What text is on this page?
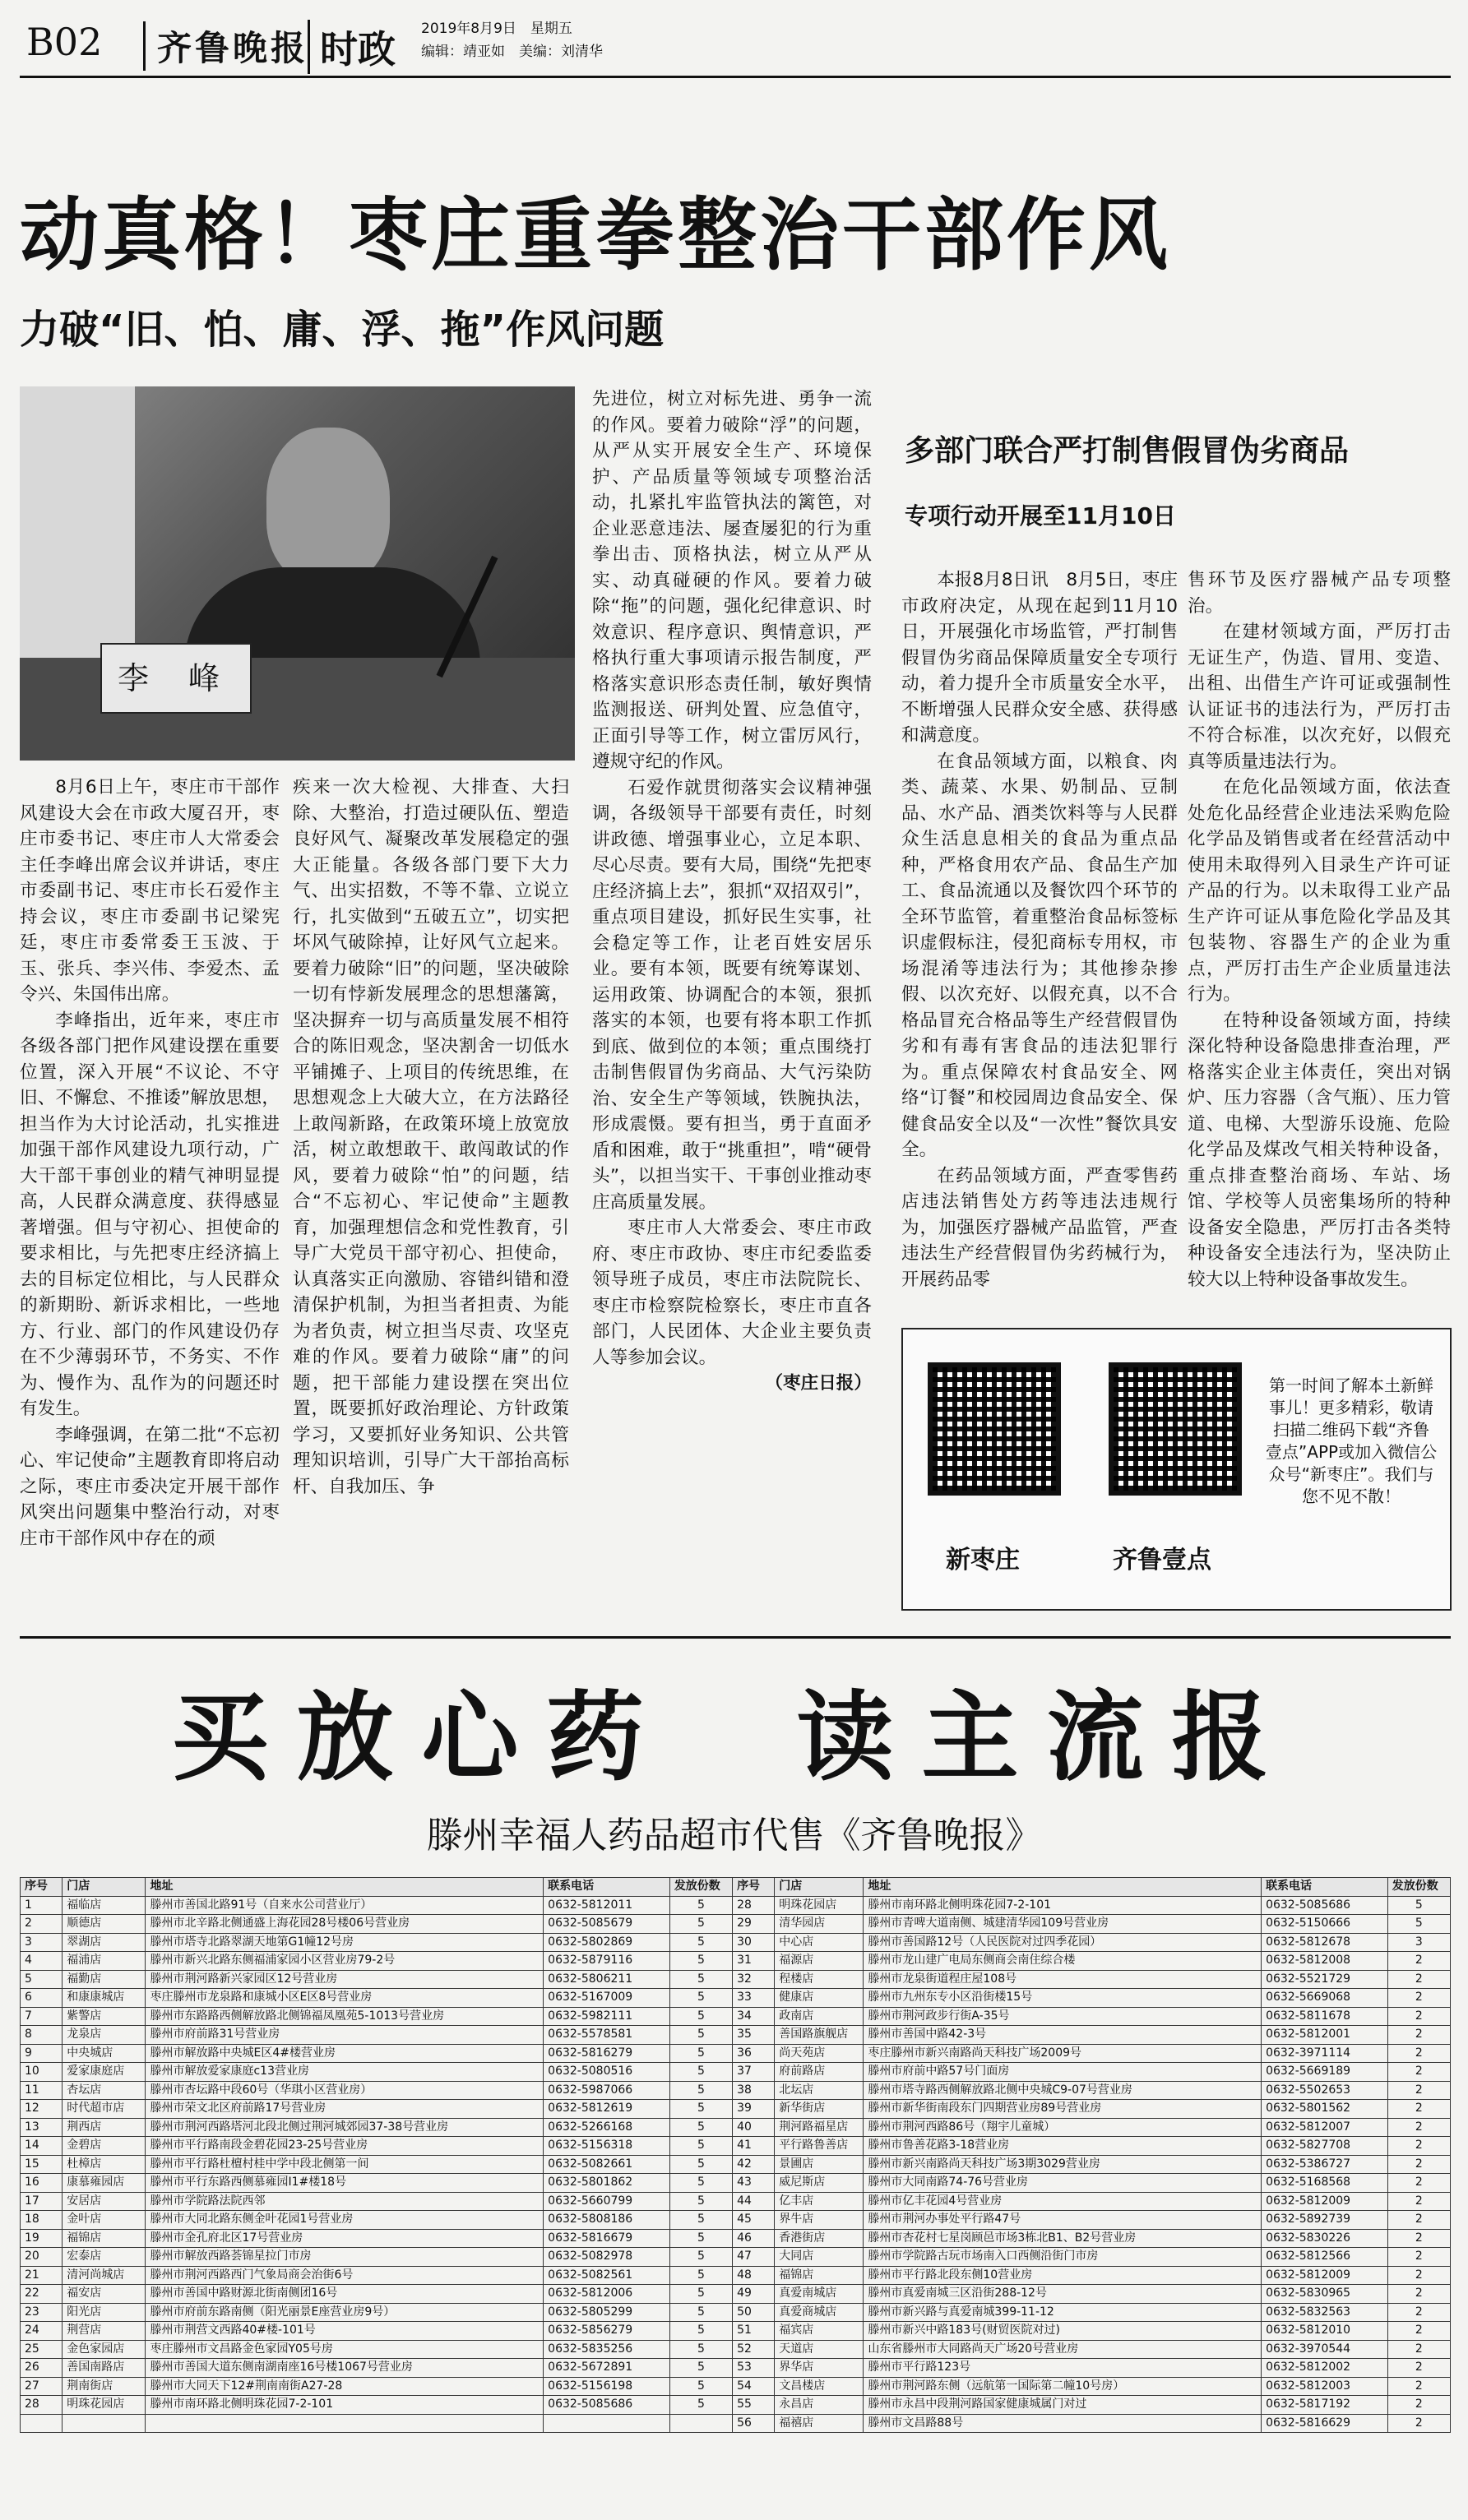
B02	齐鲁晚报 时政 2019年8月9日　星期五
编辑：靖亚如　美编：刘清华
动真格！枣庄重拳整治干部作风
力破“旧、怕、庸、浮、拖”作风问题
李 峰

8月6日上午，枣庄市干部作风建设大会在市政大厦召开，枣庄市委书记、枣庄市人大常委会主任李峰出席会议并讲话，枣庄市委副书记、枣庄市长石爱作主持会议，枣庄市委副书记梁宪廷，枣庄市委常委王玉波、于玉、张兵、李兴伟、李爱杰、孟令兴、朱国伟出席。

李峰指出，近年来，枣庄市各级各部门把作风建设摆在重要位置，深入开展“不议论、不守旧、不懈怠、不推诿”解放思想，担当作为大讨论活动，扎实推进加强干部作风建设九项行动，广大干部干事创业的精气神明显提高，人民群众满意度、获得感显著增强。但与守初心、担使命的要求相比，与先把枣庄经济搞上去的目标定位相比，与人民群众的新期盼、新诉求相比，一些地方、行业、部门的作风建设仍存在不少薄弱环节，不务实、不作为、慢作为、乱作为的问题还时有发生。

李峰强调，在第二批“不忘初心、牢记使命”主题教育即将启动之际，枣庄市委决定开展干部作风突出问题集中整治行动，对枣庄市干部作风中存在的顽

疾来一次大检视、大排查、大扫除、大整治，打造过硬队伍、塑造良好风气、凝聚改革发展稳定的强大正能量。各级各部门要下大力气、出实招数，不等不靠、立说立行，扎实做到“五破五立”，切实把坏风气破除掉，让好风气立起来。要着力破除“旧”的问题，坚决破除一切有悖新发展理念的思想藩篱，坚决摒弃一切与高质量发展不相符合的陈旧观念，坚决割舍一切低水平铺摊子、上项目的传统思维，在思想观念上大破大立，在方法路径上敢闯新路，在政策环境上放宽放活，树立敢想敢干、敢闯敢试的作风，要着力破除“怕”的问题，结合“不忘初心、牢记使命”主题教育，加强理想信念和党性教育，引导广大党员干部守初心、担使命，认真落实正向激励、容错纠错和澄清保护机制，为担当者担责、为能为者负责，树立担当尽责、攻坚克难的作风。要着力破除“庸”的问题，把干部能力建设摆在突出位置，既要抓好政治理论、方针政策学习，又要抓好业务知识、公共管理知识培训，引导广大干部抬高标杆、自我加压、争

先进位，树立对标先进、勇争一流的作风。要着力破除“浮”的问题，从严从实开展安全生产、环境保护、产品质量等领域专项整治活动，扎紧扎牢监管执法的篱笆，对企业恶意违法、屡查屡犯的行为重拳出击、顶格执法，树立从严从实、动真碰硬的作风。要着力破除“拖”的问题，强化纪律意识、时效意识、程序意识、舆情意识，严格执行重大事项请示报告制度，严格落实意识形态责任制，敏好舆情监测报送、研判处置、应急值守，正面引导等工作，树立雷厉风行，遵规守纪的作风。

石爱作就贯彻落实会议精神强调，各级领导干部要有责任，时刻讲政德、增强事业心，立足本职、尽心尽责。要有大局，围绕“先把枣庄经济搞上去”，狠抓“双招双引”，重点项目建设，抓好民生实事，社会稳定等工作，让老百姓安居乐业。要有本领，既要有统筹谋划、运用政策、协调配合的本领，狠抓落实的本领，也要有将本职工作抓到底、做到位的本领；重点围绕打击制售假冒伪劣商品、大气污染防治、安全生产等领域，铁腕执法，形成震慑。要有担当，勇于直面矛盾和困难，敢于“挑重担”，啃“硬骨头”，以担当实干、干事创业推动枣庄高质量发展。

枣庄市人大常委会、枣庄市政府、枣庄市政协、枣庄市纪委监委领导班子成员，枣庄市法院院长、枣庄市检察院检察长，枣庄市直各部门，人民团体、大企业主要负责人等参加会议。

（枣庄日报）

多部门联合严打制售假冒伪劣商品
专项行动开展至11月10日

本报8月8日讯　8月5日，枣庄市政府决定，从现在起到11月10日，开展强化市场监管，严打制售假冒伪劣商品保障质量安全专项行动，着力提升全市质量安全水平，不断增强人民群众安全感、获得感和满意度。

在食品领域方面，以粮食、肉类、蔬菜、水果、奶制品、豆制品、水产品、酒类饮料等与人民群众生活息息相关的食品为重点品种，严格食用农产品、食品生产加工、食品流通以及餐饮四个环节的全环节监管，着重整治食品标签标识虚假标注，侵犯商标专用权，市场混淆等违法行为；其他掺杂掺假、以次充好、以假充真，以不合格品冒充合格品等生产经营假冒伪劣和有毒有害食品的违法犯罪行为。重点保障农村食品安全、网络“订餐”和校园周边食品安全、保健食品安全以及“一次性”餐饮具安全。

在药品领域方面，严查零售药店违法销售处方药等违法违规行为，加强医疗器械产品监管，严查违法生产经营假冒伪劣药械行为，开展药品零

售环节及医疗器械产品专项整治。

在建材领域方面，严厉打击无证生产，伪造、冒用、变造、出租、出借生产许可证或强制性认证证书的违法行为，严厉打击不符合标准，以次充好，以假充真等质量违法行为。

在危化品领域方面，依法查处危化品经营企业违法采购危险化学品及销售或者在经营活动中使用未取得列入目录生产许可证产品的行为。以未取得工业产品生产许可证从事危险化学品及其包装物、容器生产的企业为重点，严厉打击生产企业质量违法行为。

在特种设备领域方面，持续深化特种设备隐患排查治理，严格落实企业主体责任，突出对锅炉、压力容器（含气瓶）、压力管道、电梯、大型游乐设施、危险化学品及煤改气相关特种设备，重点排查整治商场、车站、场馆、学校等人员密集场所的特种设备安全隐患，严厉打击各类特种设备安全违法行为，坚决防止较大以上特种设备事故发生。

新枣庄	齐鲁壹点
第一时间了解本土新鲜事儿！更多精彩，敬请扫描二维码下载“齐鲁壹点”APP或加入微信公众号“新枣庄”。我们与您不见不散！
买放心药　读主流报
滕州幸福人药品超市代售《齐鲁晚报》
序号	门店	地址	联系电话	发放份数	序号	门店	地址	联系电话	发放份数
1	福临店	滕州市善国北路91号（自来水公司营业厅）	0632-5812011	5	28	明珠花园店	滕州市南环路北侧明珠花园7-2-101	0632-5085686	5
2	顺德店	滕州市北辛路北侧通盛上海花园28号楼06号营业房	0632-5085679	5	29	清华园店	滕州市青啤大道南侧、城建清华园109号营业房	0632-5150666	5
3	翠湖店	滕州市塔寺北路翠湖天地第G1幢12号房	0632-5802869	5	30	中心店	滕州市善国路12号（人民医院对过四季花园）	0632-5812678	3
4	福浦店	滕州市新兴北路东侧福浦家园小区营业房79-2号	0632-5879116	5	31	福源店	滕州市龙山建广电局东侧商会南住综合楼	0632-5812008	2
5	福勤店	滕州市荆河路新兴家园区12号营业房	0632-5806211	5	32	程楼店	滕州市龙泉街道程庄屋108号	0632-5521729	2
6	和康康城店	枣庄滕州市龙泉路和康城小区E区8号营业房	0632-5167009	5	33	健康店	滕州市九州东专小区沿街楼15号	0632-5669068	2
7	紫警店	滕州市东路路西侧解放路北侧锦福凤凰苑5-1013号营业房	0632-5982111	5	34	政南店	滕州市荆河政步行街A-35号	0632-5811678	2
8	龙泉店	滕州市府前路31号营业房	0632-5578581	5	35	善国路旗舰店	滕州市善国中路42-3号	0632-5812001	2
9	中央城店	滕州市解放路中央城E区4#楼营业房	0632-5816279	5	36	尚天苑店	枣庄滕州市新兴南路尚天科技广场2009号	0632-3971114	2
10	爱家康庭店	滕州市解放爱家康庭c13营业房	0632-5080516	5	37	府前路店	滕州市府前中路57号门面房	0632-5669189	2
11	杏坛店	滕州市杏坛路中段60号（华琪小区营业房）	0632-5987066	5	38	北坛店	滕州市塔寺路西侧解放路北侧中央城C9-07号营业房	0632-5502653	2
12	时代超市店	滕州市荣文北区府前路17号营业房	0632-5812619	5	39	新华街店	滕州市新华街南段东门四期营业房89号营业房	0632-5801562	2
13	荆西店	滕州市荆河西路塔河北段北侧过荆河城郊园37-38号营业房	0632-5266168	5	40	荆河路福星店	滕州市荆河西路86号（翔宇儿童城）	0632-5812007	2
14	金碧店	滕州市平行路南段金碧花园23-25号营业房	0632-5156318	5	41	平行路鲁善店	滕州市鲁善花路3-18营业房	0632-5827708	2
15	杜樟店	滕州市平行路杜檀村桂中学中段北侧第一间	0632-5082661	5	42	景圃店	滕州市新兴南路尚天科技广场3期3029营业房	0632-5386727	2
16	康慕雍园店	滕州市平行东路西侧慕雍园I1#楼18号	0632-5801862	5	43	威尼斯店	滕州市大同南路74-76号营业房	0632-5168568	2
17	安居店	滕州市学院路法院西邻	0632-5660799	5	44	亿丰店	滕州市亿丰花园4号营业房	0632-5812009	2
18	金叶店	滕州市大同北路东侧金叶花园1号营业房	0632-5808186	5	45	界牛店	滕州市荆河办事处平行路47号	0632-5892739	2
19	福锦店	滕州市金孔府北区17号营业房	0632-5816679	5	46	香港街店	滕州市杏花村七星岗顾邑市场3栋北B1、B2号营业房	0632-5830226	2
20	宏泰店	滕州市解放西路荟锦星拉门市房	0632-5082978	5	47	大同店	滕州市学院路古玩市场南入口西侧沿街门市房	0632-5812566	2
21	清河尚城店	滕州市荆河西路西门气象局商会治街6号	0632-5082561	5	48	福锦店	滕州市平行路北段东侧10营业房	0632-5812009	2
22	福安店	滕州市善国中路财源北街南侧团16号	0632-5812006	5	49	真爱南城店	滕州市真爱南城三区沿街288-12号	0632-5830965	2
23	阳光店	滕州市府前东路南侧（阳光丽景E座营业房9号）	0632-5805299	5	50	真爱商城店	滕州市新兴路与真爱南城399-11-12	0632-5832563	2
24	荆营店	滕州市荆营文西路40#楼-101号	0632-5856279	5	51	福宾店	滕州市新兴中路183号(财贸医院对过)	0632-5812010	2
25	金色家园店	枣庄滕州市文昌路金色家园Y05号房	0632-5835256	5	52	天道店	山东省滕州市大同路尚天广场20号营业房	0632-3970544	2
26	善国南路店	滕州市善国大道东侧南湖南座16号楼1067号营业房	0632-5672891	5	53	界华店	滕州市平行路123号	0632-5812002	2
27	荆南街店	滕州市大同天下12#荆南南街A27-28	0632-5156198	5	54	文昌楼店	滕州市荆河路东侧（远航第一国际第二幢10号房）	0632-5812003	2
28	明珠花园店	滕州市南环路北侧明珠花园7-2-101	0632-5085686	5	55	永昌店	滕州市永昌中段荆河路国家健康城属门对过	0632-5817192	2
					56	福禧店	滕州市文昌路88号	0632-5816629	2
